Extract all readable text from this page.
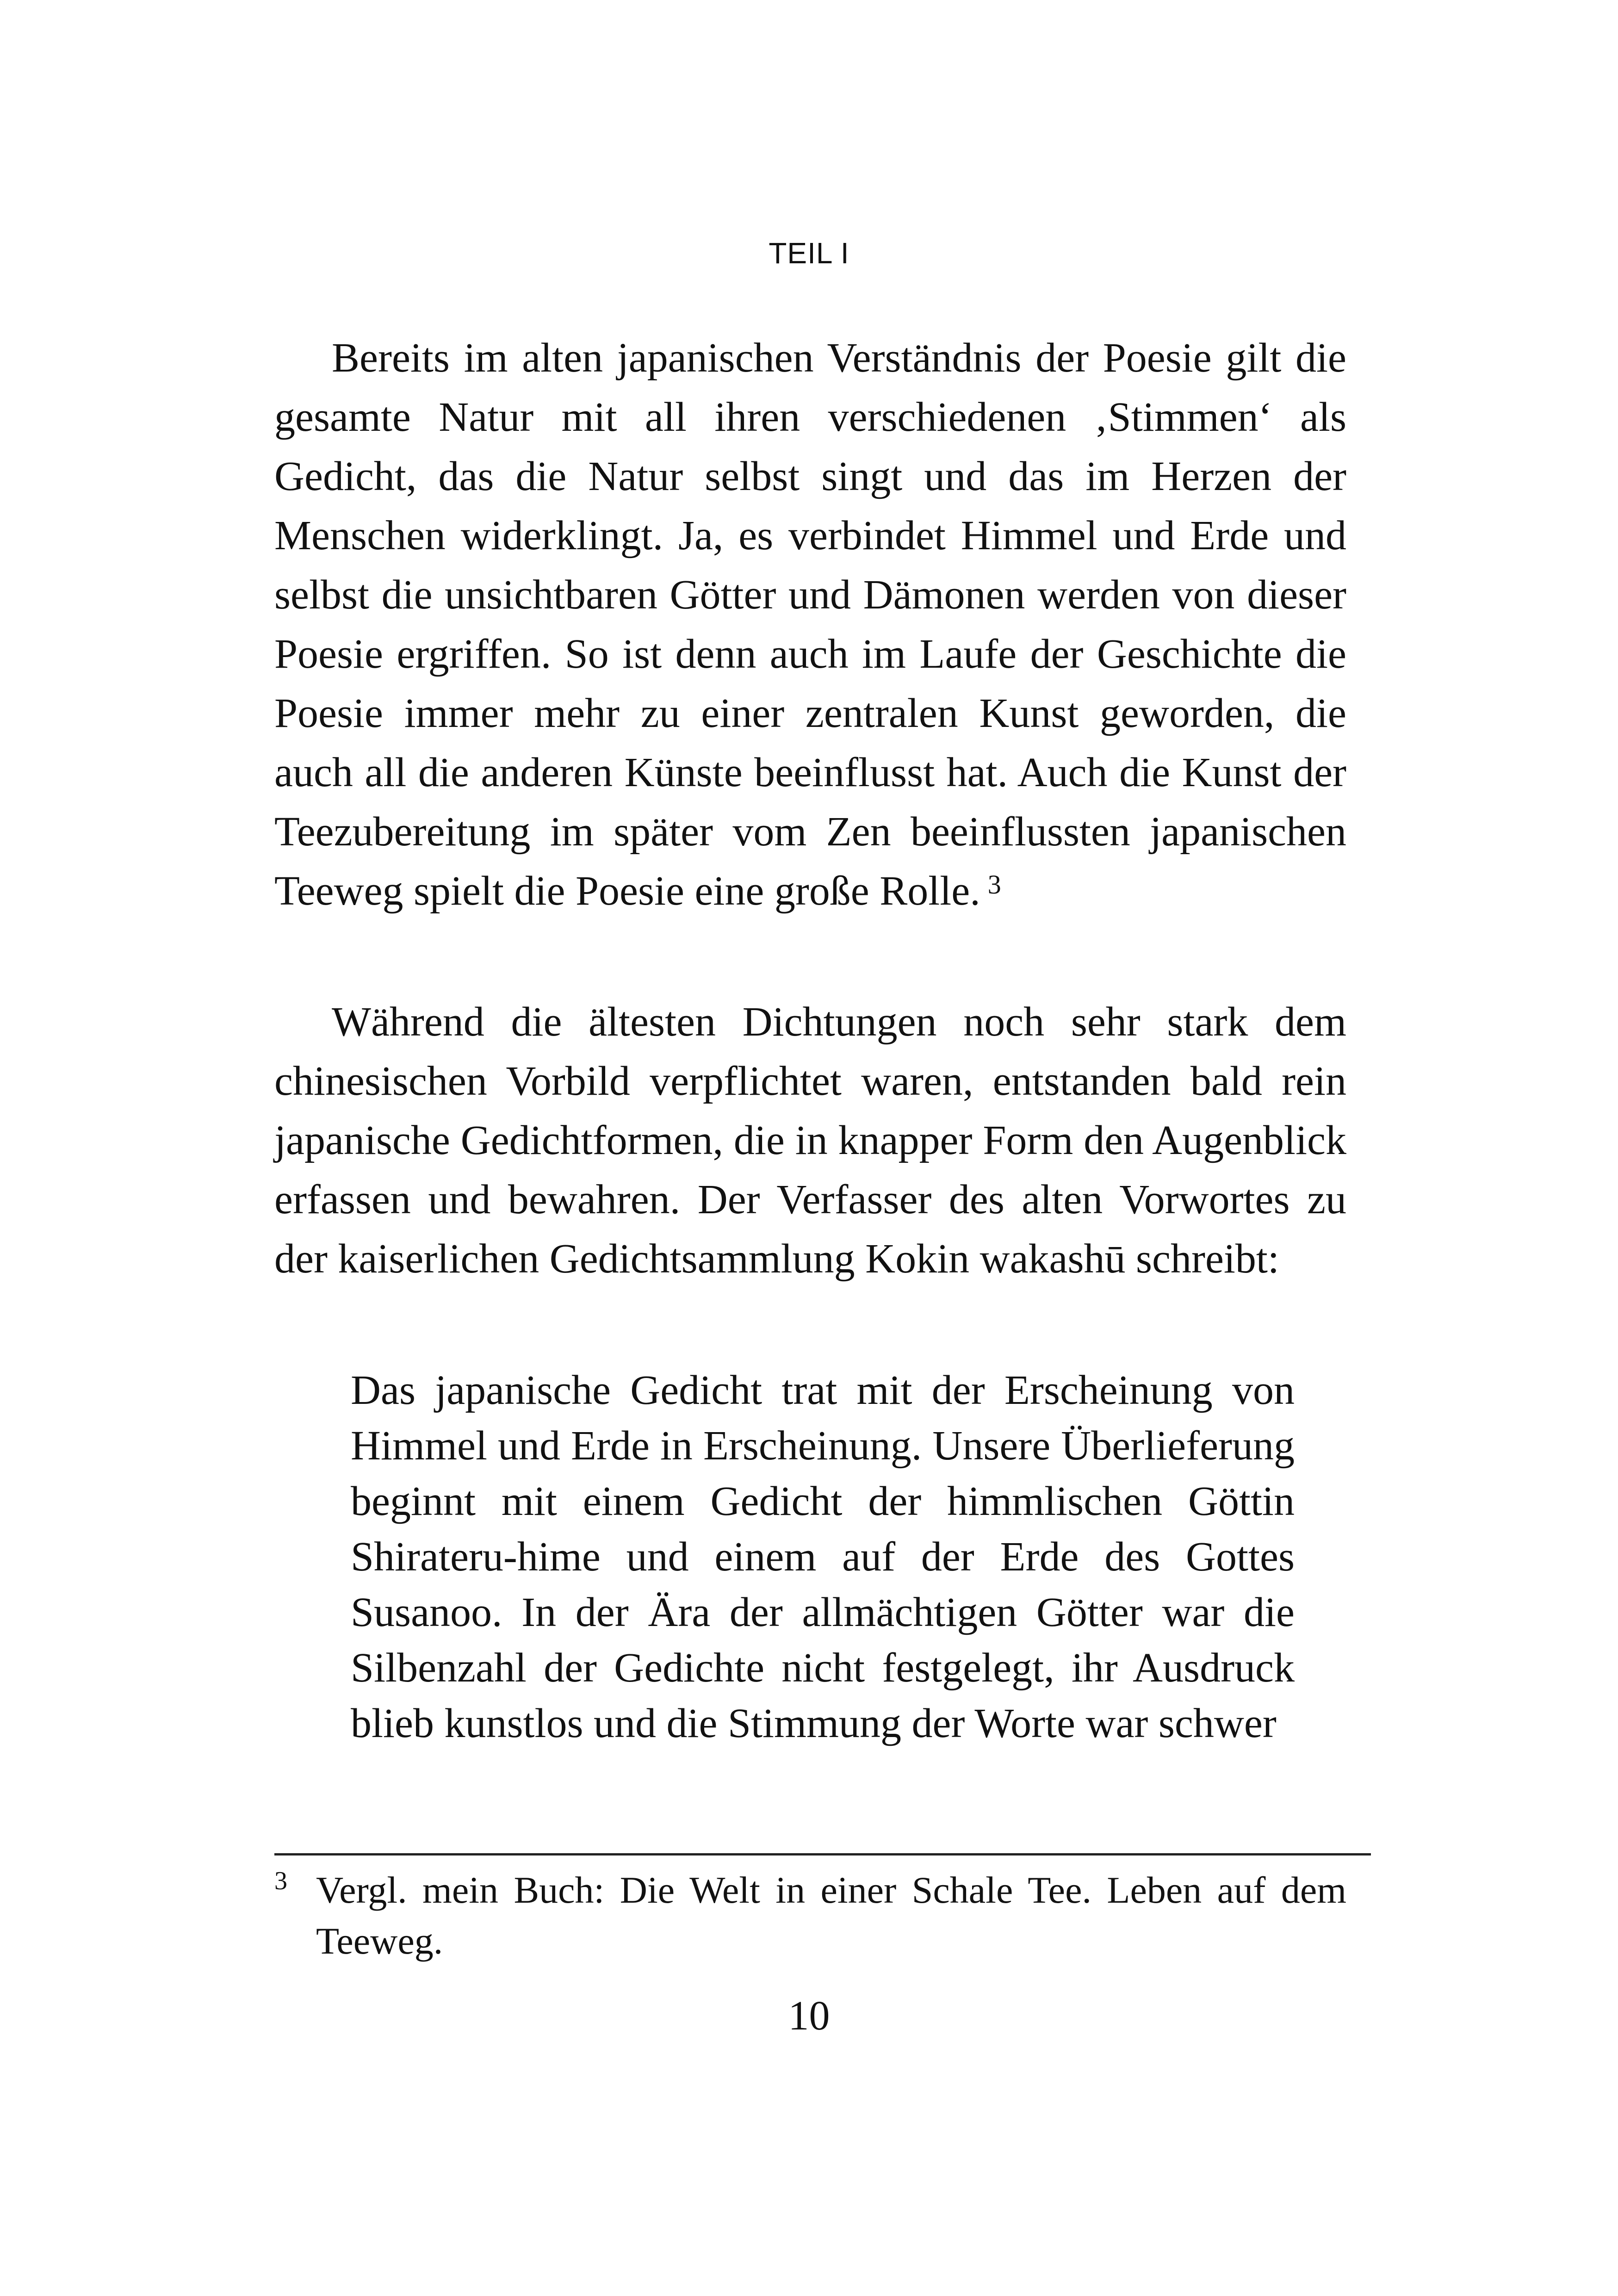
TEIL I

Bereits im alten japanischen Verständnis der Poesie gilt die gesamte Natur mit all ihren verschiedenen ‚Stimmen‘ als Gedicht, das die Natur selbst singt und das im Herzen der Menschen widerklingt. Ja, es verbindet Himmel und Erde und selbst die unsichtbaren Götter und Dämonen werden von dieser Poesie ergriffen. So ist denn auch im Laufe der Geschichte die Poesie immer mehr zu einer zentralen Kunst geworden, die auch all die anderen Künste beeinflusst hat. Auch die Kunst der Teezubereitung im später vom Zen beeinflussten japanischen Teeweg spielt die Poesie eine große Rolle. $^3$

Während die ältesten Dichtungen noch sehr stark dem chinesischen Vorbild verpflichtet waren, entstanden bald rein japanische Gedichtformen, die in knapper Form den Augenblick erfassen und bewahren. Der Verfasser des alten Vorwortes zu der kaiserlichen Gedichtsammlung Kokin wakashū schreibt:

Das japanische Gedicht trat mit der Erscheinung von Himmel und Erde in Erscheinung. Unsere Überlieferung beginnt mit einem Gedicht der himmlischen Göttin Shirateru-hime und einem auf der Erde des Gottes Susanoo. In der Ära der allmächtigen Götter war die Silbenzahl der Gedichte nicht festgelegt, ihr Ausdruck blieb kunstlos und die Stimmung der Worte war schwer

3 Vergl. mein Buch: Die Welt in einer Schale Tee. Leben auf dem Teeweg.
10
